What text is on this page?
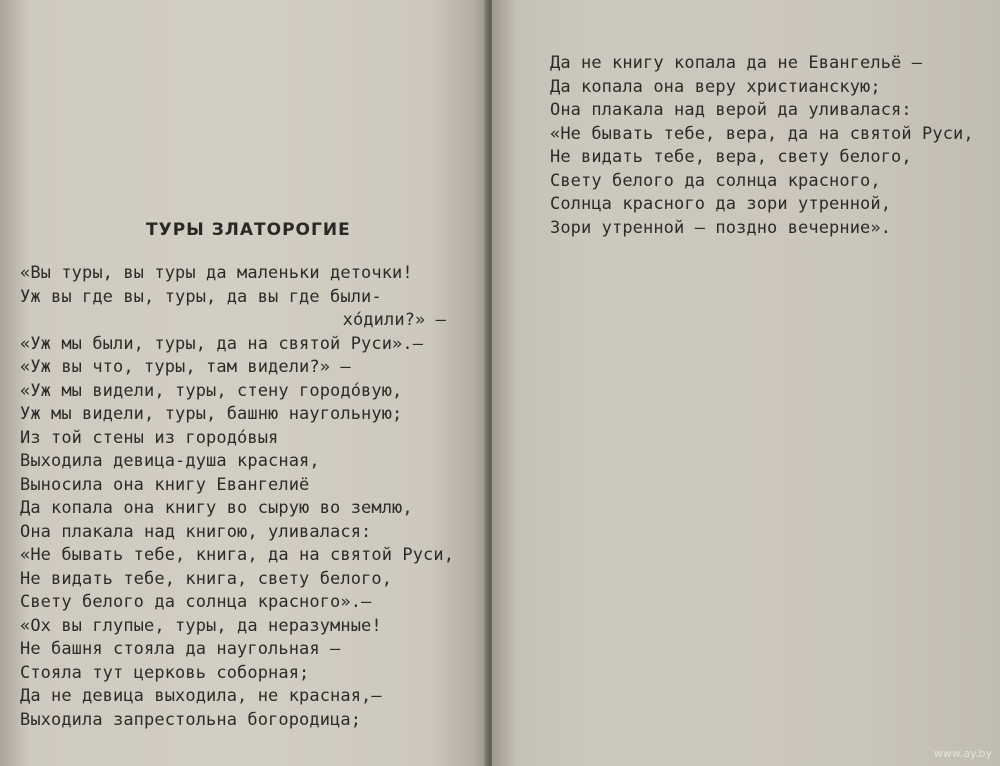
ТУРЫ ЗЛАТОРОГИЕ
«Вы туры, вы туры да маленьки деточки!
Уж вы где вы, туры, да вы где были-
хо́дили?» —
«Уж мы были, туры, да на святой Руси».—
«Уж вы что, туры, там видели?» —
«Уж мы видели, туры, стену городо́вую,
Уж мы видели, туры, башню наугольную;
Из той стены из городо́выя
Выходила девица-душа красная,
Выносила она книгу Евангелиё
Да копала она книгу во сырую во землю,
Она плакала над книгою, уливалася:
«Не бывать тебе, книга, да на святой Руси,
Не видать тебе, книга, свету белого,
Свету белого да солнца красного».—
«Ох вы глупые, туры, да неразумные!
Не башня стояла да наугольная —
Стояла тут церковь соборная;
Да не девица выходила, не красная,—
Выходила запрестольна богородица;
Да не книгу копала да не Евангельё —
Да копала она веру христианскую;
Она плакала над верой да уливалася:
«Не бывать тебе, вера, да на святой Руси,
Не видать тебе, вера, свету белого,
Свету белого да солнца красного,
Солнца красного да зори утренной,
Зори утренной — поздно вечерние».
www.ay.by
